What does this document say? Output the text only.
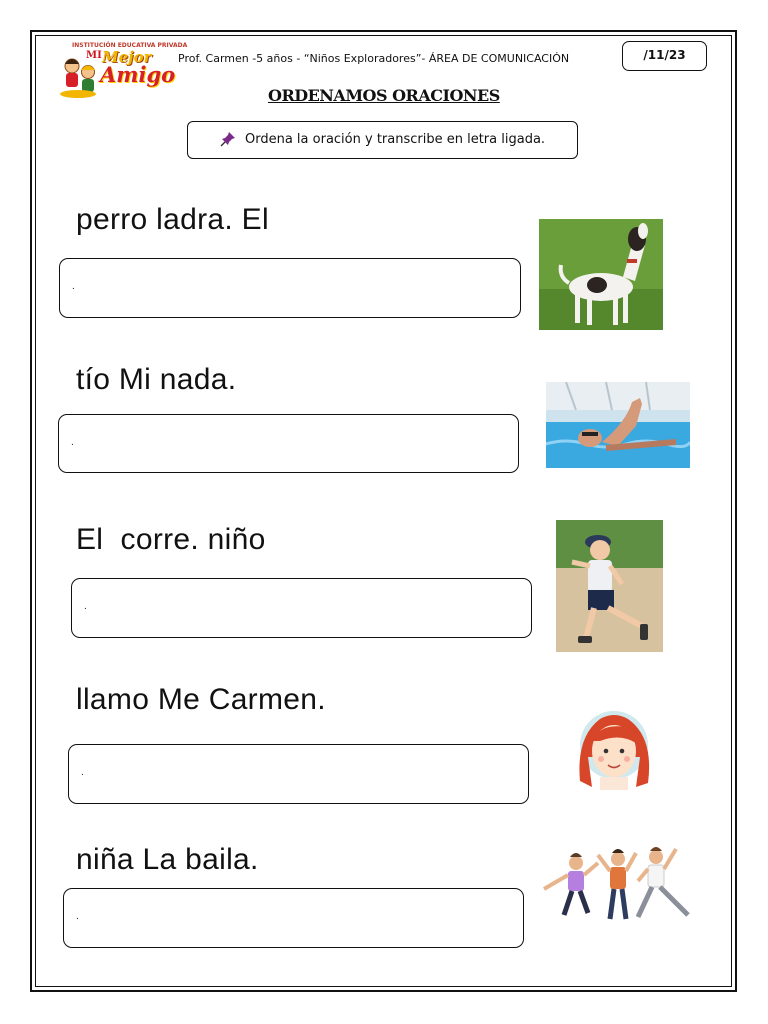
INSTITUCIÓN EDUCATIVA PRIVADA
MI Mejor
Amigo
Prof. Carmen -5 años - “Niños Exploradores”- ÁREA DE COMUNICACIÓN	/11/23
ORDENAMOS ORACIONES
Ordena la oración y transcribe en letra ligada.
perro ladra. El
.
tío Mi nada.
.
El  corre. niño
.
llamo Me Carmen.
.
niña La baila.
.
